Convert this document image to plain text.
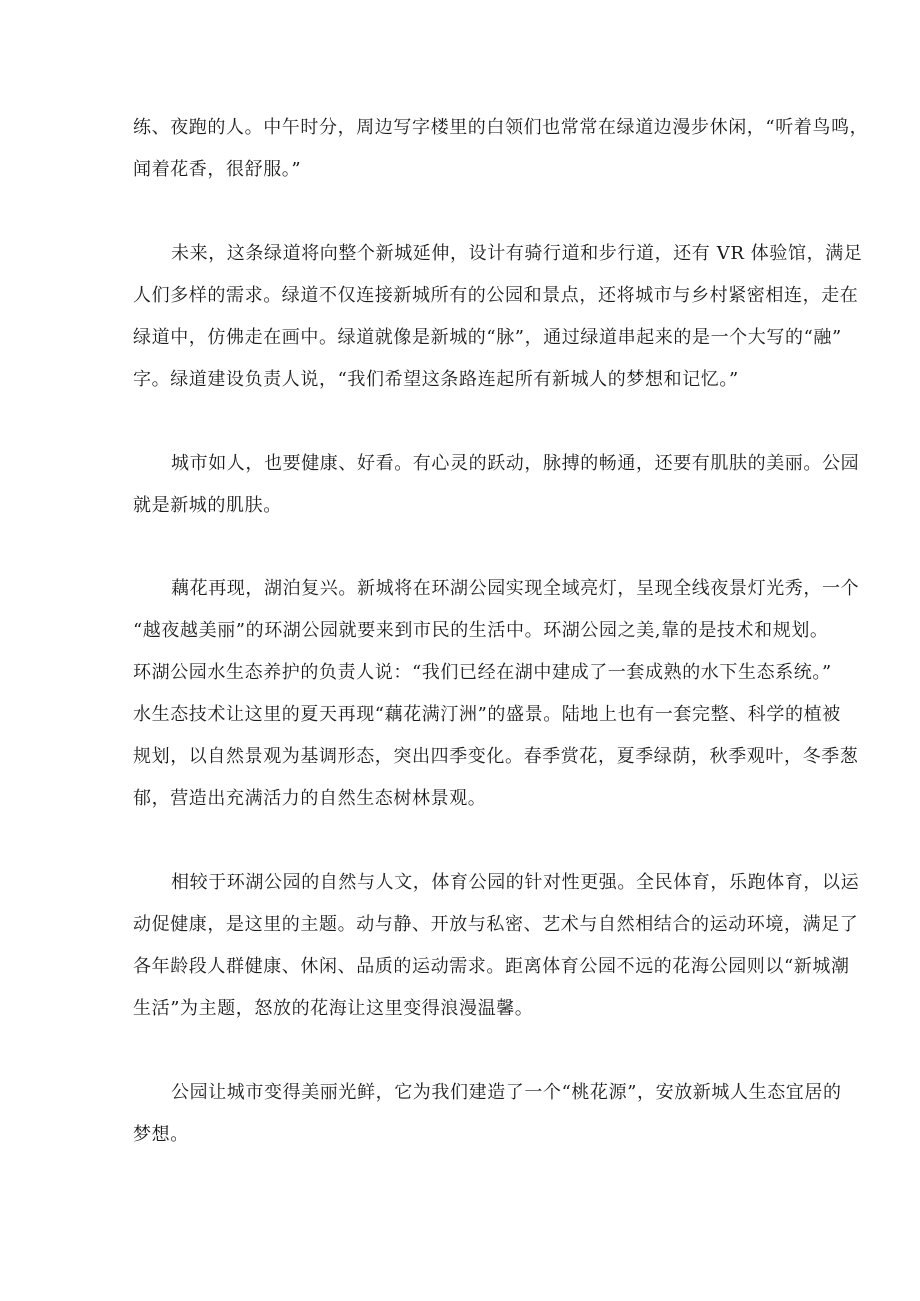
练、夜跑的人。中午时分，周边写字楼里的白领们也常常在绿道边漫步休闲，“听着鸟鸣，
闻着花香，很舒服。”
未来，这条绿道将向整个新城延伸，设计有骑行道和步行道，还有 VR 体验馆，满足
人们多样的需求。绿道不仅连接新城所有的公园和景点，还将城市与乡村紧密相连，走在
绿道中，仿佛走在画中。绿道就像是新城的“脉”，通过绿道串起来的是一个大写的“融”
字。绿道建设负责人说，“我们希望这条路连起所有新城人的梦想和记忆。”
城市如人，也要健康、好看。有心灵的跃动，脉搏的畅通，还要有肌肤的美丽。公园
就是新城的肌肤。
藕花再现，湖泊复兴。新城将在环湖公园实现全域亮灯，呈现全线夜景灯光秀，一个
“越夜越美丽”的环湖公园就要来到市民的生活中。环湖公园之美,靠的是技术和规划。
环湖公园水生态养护的负责人说：“我们已经在湖中建成了一套成熟的水下生态系统。”
水生态技术让这里的夏天再现“藕花满汀洲”的盛景。陆地上也有一套完整、科学的植被
规划，以自然景观为基调形态，突出四季变化。春季赏花，夏季绿荫，秋季观叶，冬季葱
郁，营造出充满活力的自然生态树林景观。
相较于环湖公园的自然与人文，体育公园的针对性更强。全民体育，乐跑体育，以运
动促健康，是这里的主题。动与静、开放与私密、艺术与自然相结合的运动环境，满足了
各年龄段人群健康、休闲、品质的运动需求。距离体育公园不远的花海公园则以“新城潮
生活”为主题，怒放的花海让这里变得浪漫温馨。
公园让城市变得美丽光鲜，它为我们建造了一个“桃花源”，安放新城人生态宜居的
梦想。
